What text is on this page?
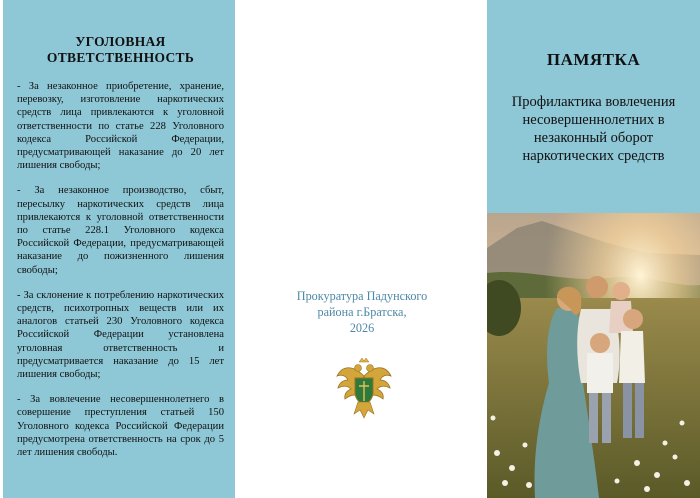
УГОЛОВНАЯ
ОТВЕТСТВЕННОСТЬ

- За незаконное приобретение, хранение, перевозку, изготовление наркотических средств лица привлекаются к уголовной ответственности по статье 228 Уголовного кодекса Российской Федерации, предусматривающей наказание до 20 лет лишения свободы;

- За незаконное производство, сбыт, пересылку наркотических средств лица привлекаются к уголовной ответственности по статье 228.1 Уголовного кодекса Российской Федерации, предусматривающей наказание до пожизненного лишения свободы;

- За склонение к потреблению наркотических средств, психотропных веществ или их аналогов статьей 230 Уголовного кодекса Российской Федерации установлена уголовная ответственность и предусматривается наказание до 15 лет лишения свободы;

- За вовлечение несовершеннолетнего в совершение преступления статьей 150 Уголовного кодекса Российской Федерации предусмотрена ответственность на срок до 5 лет лишения свободы.

Прокуратура Падунского
района г.Братска,
2026
ПАМЯТКА
Профилактика вовлечения
несовершеннолетних в
незаконный оборот
наркотических средств
